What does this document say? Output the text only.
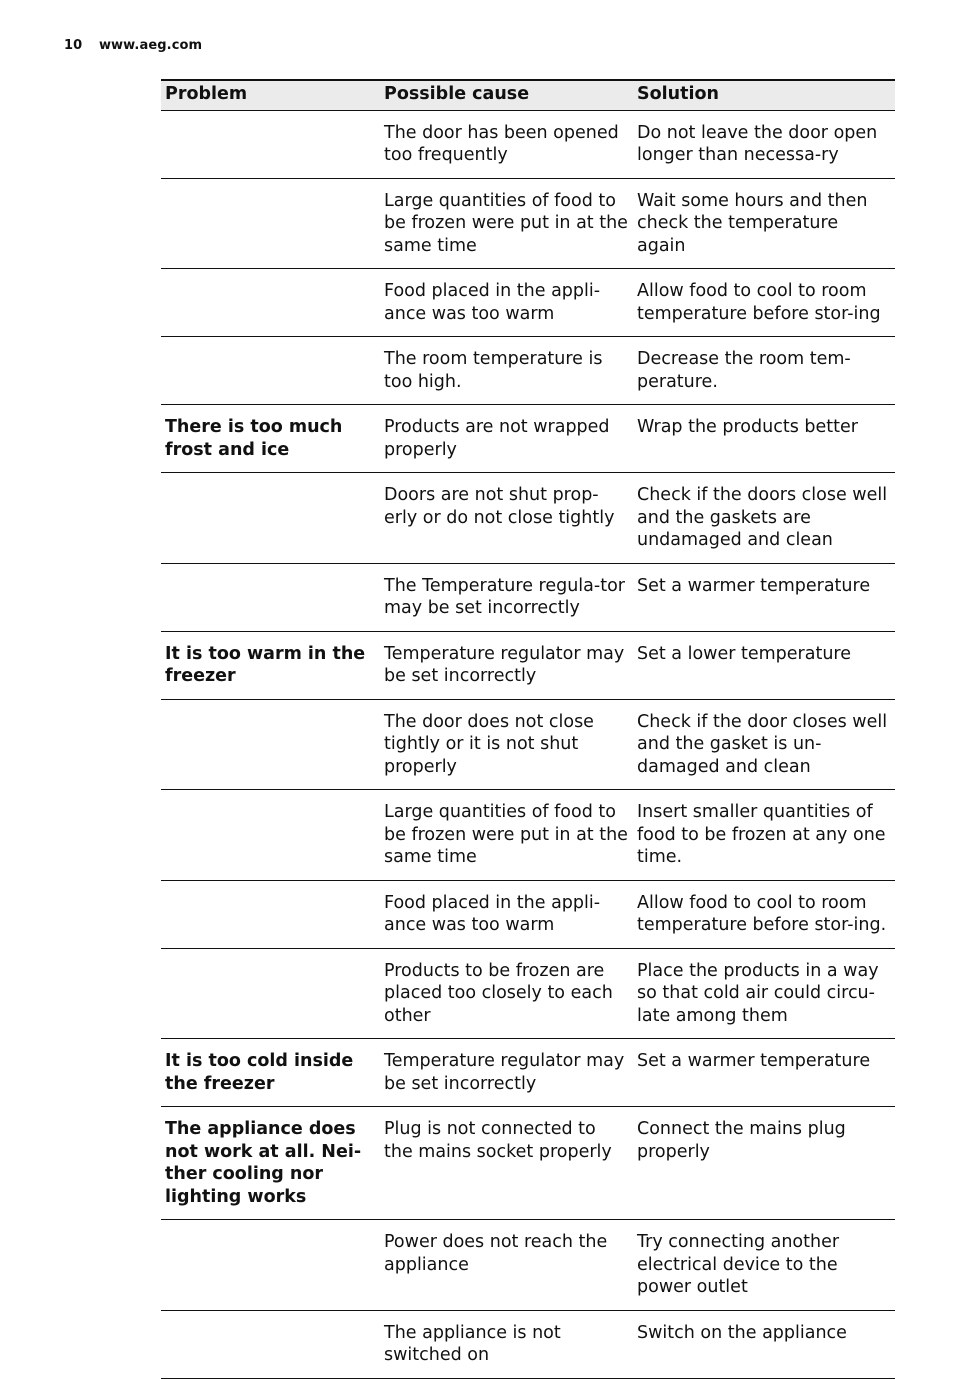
10 www.aeg.com
Problem	Possible cause	Solution
	The door has been opened too frequently	Do not leave the door open longer than necessa-ry
	Large quantities of food to be frozen were put in at the same time	Wait some hours and then check the temperature again
	Food placed in the appli-ance was too warm	Allow food to cool to room temperature before stor-ing
	The room temperature is too high.	Decrease the room tem-perature.
There is too much frost and ice	Products are not wrapped properly	Wrap the products better
	Doors are not shut prop-erly or do not close tightly	Check if the doors close well and the gaskets are undamaged and clean
	The Temperature regula-tor may be set incorrectly	Set a warmer temperature
It is too warm in the freezer	Temperature regulator may be set incorrectly	Set a lower temperature
	The door does not close tightly or it is not shut properly	Check if the door closes well and the gasket is un-damaged and clean
	Large quantities of food to be frozen were put in at the same time	Insert smaller quantities of food to be frozen at any one time.
	Food placed in the appli-ance was too warm	Allow food to cool to room temperature before stor-ing.
	Products to be frozen are placed too closely to each other	Place the products in a way so that cold air could circu-late among them
It is too cold inside the freezer	Temperature regulator may be set incorrectly	Set a warmer temperature
The appliance does not work at all. Nei-ther cooling nor lighting works	Plug is not connected to the mains socket properly	Connect the mains plug properly
	Power does not reach the appliance	Try connecting another electrical device to the power outlet
	The appliance is not switched on	Switch on the appliance
